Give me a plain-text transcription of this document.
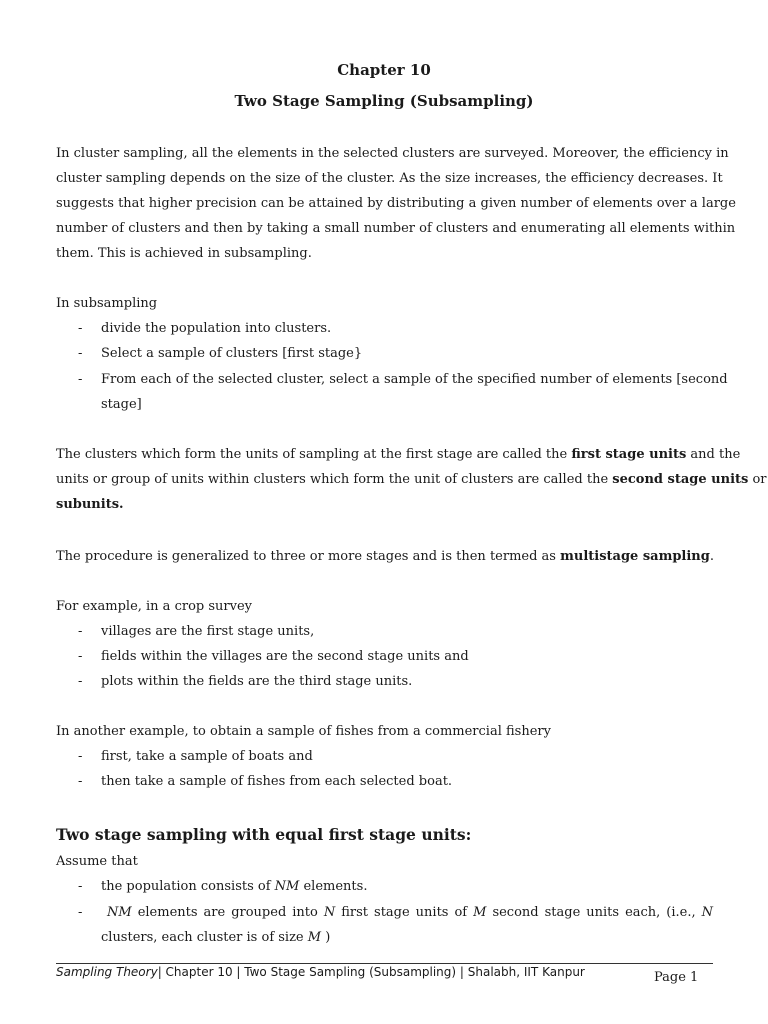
Chapter 10
Two Stage Sampling (Subsampling)
In cluster sampling, all the elements in the selected clusters are surveyed. Moreover, the efficiency in
cluster sampling depends on the size of the cluster. As the size increases, the efficiency decreases. It
suggests that higher precision can be attained by distributing a given number of elements over a large
number of clusters and then by taking a small number of clusters and enumerating all elements within
them. This is achieved in subsampling.
In subsampling
- divide the population into clusters.
- Select a sample of clusters [first stage}
- From each of the selected cluster, select a sample of the specified number of elements [second
stage]
The clusters which form the units of sampling at the first stage are called the first stage units and the
units or group of units within clusters which form the unit of clusters are called the second stage units or
subunits.
The procedure is generalized to three or more stages and is then termed as multistage sampling.
For example, in a crop survey
- villages are the first stage units,
- fields within the villages are the second stage units and
- plots within the fields are the third stage units.
In another example, to obtain a sample of fishes from a commercial fishery
- first, take a sample of boats and
- then take a sample of fishes from each selected boat.
Two stage sampling with equal first stage units:
Assume that
- the population consists of NM elements.
-	NM elements are grouped into N first stage units of M second stage units each, (i.e., N
clusters, each cluster is of size M )
Sampling Theory| Chapter 10 | Two Stage Sampling (Subsampling) | Shalabh, IIT Kanpur	Page 1
